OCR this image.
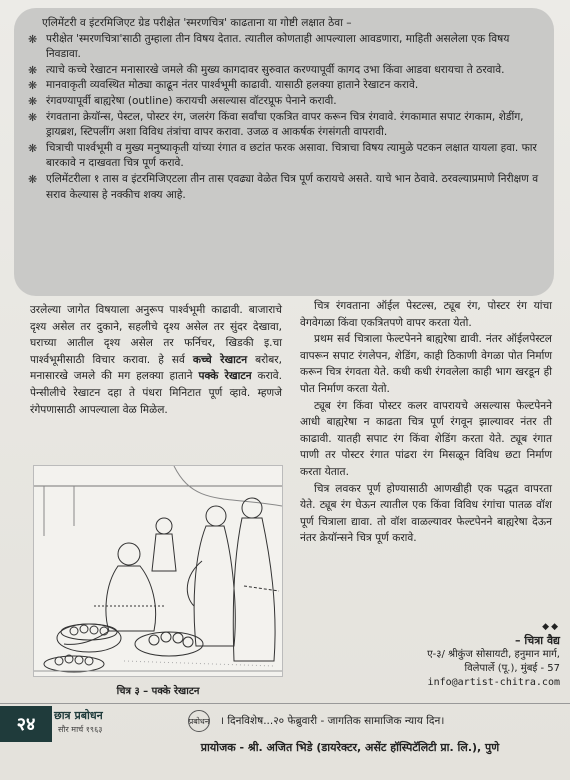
एलिमेंटरी व इंटरमिजिएट ग्रेड परीक्षेत 'स्मरणचित्र' काढताना या गोष्टी लक्षात ठेवा –
❋ परीक्षेत 'स्मरणचित्रा'साठी तुम्हाला तीन विषय देतात. त्यातील कोणताही आपल्याला आवडणारा, माहिती असलेला एक विषय निवडावा.
❋ त्याचे कच्चे रेखाटन मनासारखे जमले की मुख्य कागदावर सुरुवात करण्यापूर्वी कागद उभा किंवा आडवा धरायचा ते ठरवावे.
❋ मानवाकृती व्यवस्थित मोठ्या काढून नंतर पार्श्वभूमी काढावी. यासाठी हलक्या हाताने रेखाटन करावे.
❋ रंगवण्यापूर्वी बाह्यरेषा (outline) करायची असल्यास वॉटरप्रूफ पेनाने करावी.
❋ रंगवताना क्रेयॉन्स, पेस्टल, पोस्टर रंग, जलरंग किंवा सर्वांचा एकत्रित वापर करून चित्र रंगवावे. रंगकामात सपाट रंगकाम, शेडींग, ड्रायब्रश, स्टिपलींग अशा विविध तंत्रांचा वापर करावा. उजळ व आकर्षक रंगसंगती वापरावी.
❋ चित्राची पार्श्वभूमी व मुख्य मनुष्याकृती यांच्या रंगात व छटांत फरक असावा. चित्राचा विषय त्यामुळे पटकन लक्षात यायला हवा. फार बारकावे न दाखवता चित्र पूर्ण करावे.
❋ एलिमेंटरीला १ तास व इंटरमिजिएटला तीन तास एवढ्या वेळेत चित्र पूर्ण करायचे असते. याचे भान ठेवावे. ठरवल्याप्रमाणे निरीक्षण व सराव केल्यास हे नक्कीच शक्य आहे.
उरलेल्या जागेत विषयाला अनुरूप पार्श्वभूमी काढावी. बाजाराचे दृश्य असेल तर दुकाने, सहलीचे दृश्य असेल तर सुंदर देखावा, घराच्या आतील दृश्य असेल तर फर्निचर, खिडकी इ.चा पार्श्वभूमीसाठी विचार करावा. हे सर्व कच्चे रेखाटन बरोबर, मनासारखे जमले की मग हलक्या हाताने पक्के रेखाटन करावे. पेन्सीलीचे रेखाटन दहा ते पंधरा मिनिटात पूर्ण व्हावे. म्हणजे रंगेपणासाठी आपल्याला वेळ मिळेल.
चित्र ३ – पक्के रेखाटन

चित्र रंगवताना ऑईल पेस्टल्स, ट्यूब रंग, पोस्टर रंग यांचा वेगवेगळा किंवा एकत्रितपणे वापर करता येतो.

प्रथम सर्व चित्राला फेल्टपेनने बाह्यरेषा द्यावी. नंतर ऑईलपेस्टल वापरून सपाट रंगलेपन, शेडिंग, काही ठिकाणी वेगळा पोत निर्माण करून चित्र रंगवता येते. कधी कधी रंगवलेला काही भाग खरडून ही पोत निर्माण करता येतो.

ट्यूब रंग किंवा पोस्टर कलर वापरायचे असल्यास फेल्टपेनने आधी बाह्यरेषा न काढता चित्र पूर्ण रंगवून झाल्यावर नंतर ती काढावी. यातही सपाट रंग किंवा शेडिंग करता येते. ट्यूब रंगात पाणी तर पोस्टर रंगात पांढरा रंग मिसळून विविध छटा निर्माण करता येतात.

चित्र लवकर पूर्ण होण्यासाठी आणखीही एक पद्धत वापरता येते. ट्यूब रंग घेऊन त्यातील एक किंवा विविध रंगांचा पातळ वॉश पूर्ण चित्राला द्यावा. तो वॉश वाळल्यावर फेल्टपेनने बाह्यरेषा देऊन नंतर क्रेयॉन्सने चित्र पूर्ण करावे.

◆◆
– चित्रा वैद्य
ए-३/ श्रीकुंज सोसायटी, हनुमान मार्ग,
विलेपार्ले (पू.), मुंबई - 57
info@artist-chitra.com
२४	छात्र प्रबोधन
सौर मार्च १९६३
प्रबोधन । दिनविशेष...२० फेब्रुवारी - जागतिक सामाजिक न्याय दिन।
प्रायोजक - श्री. अजित भिडे (डायरेक्टर, असेंट हॉस्पिटॅलिटी प्रा. लि.), पुणे
